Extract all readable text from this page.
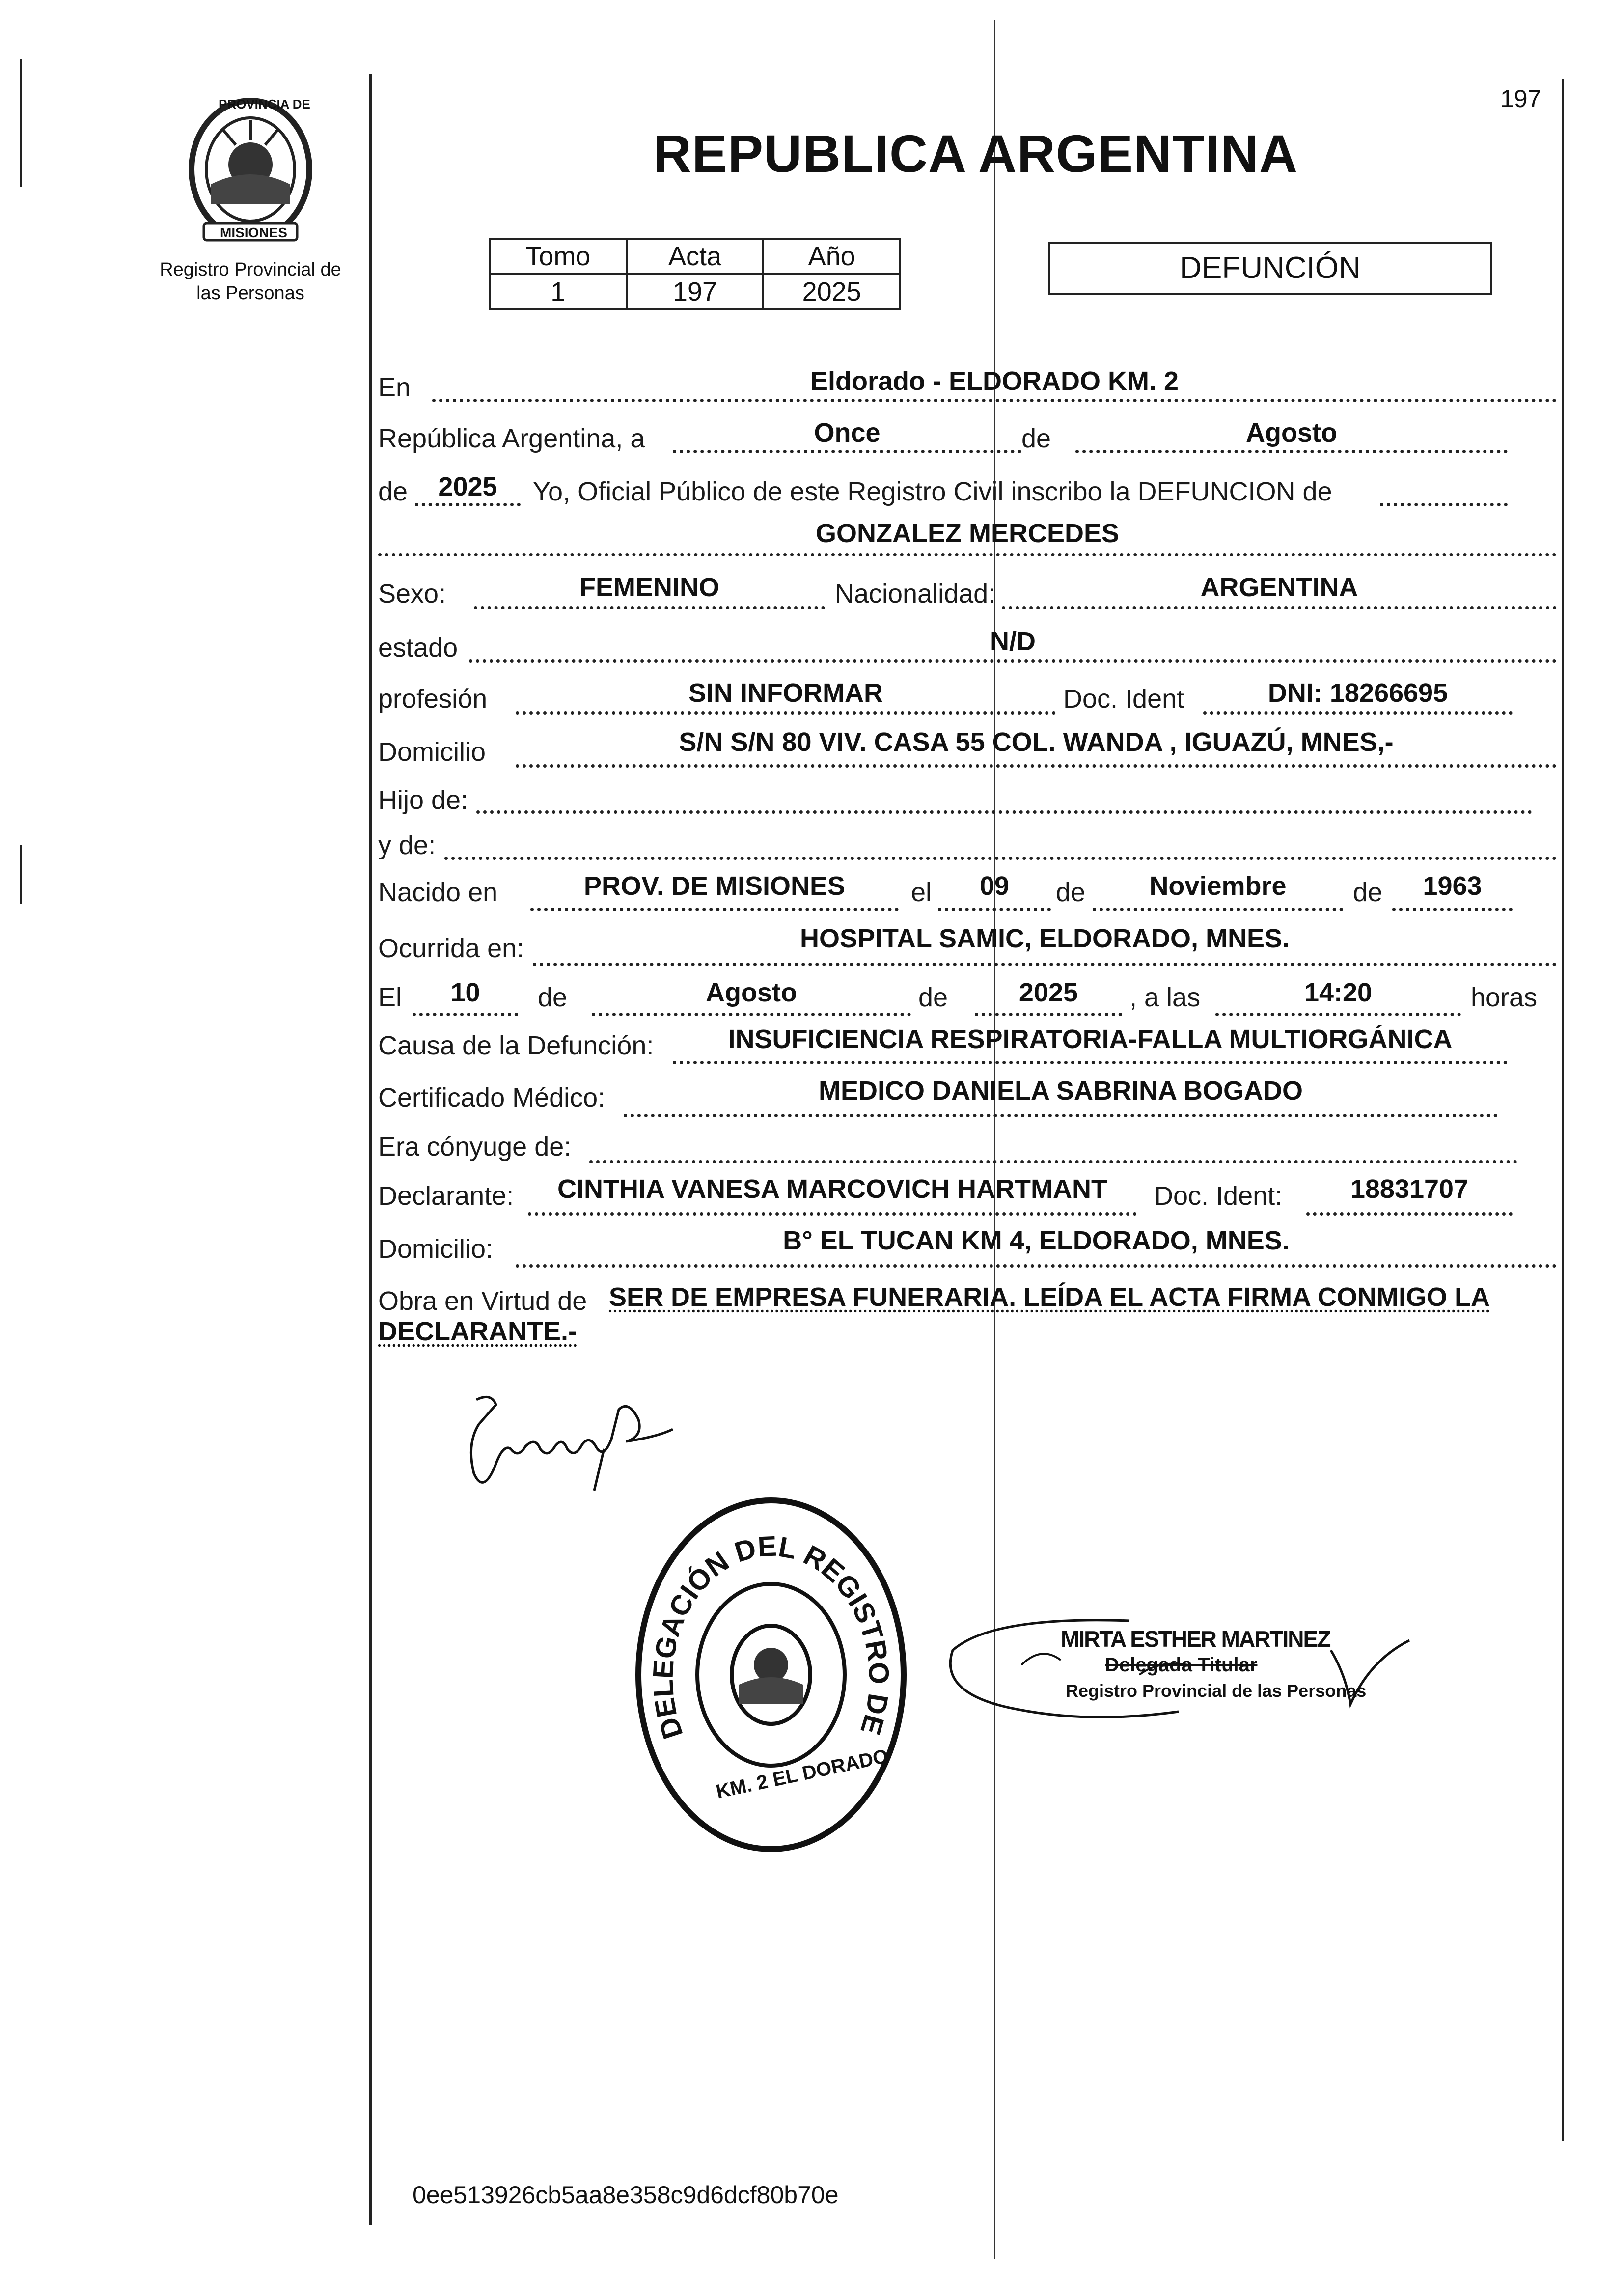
PROVINCIA DE
MISIONES
Registro Provincial de
las Personas
197
REPUBLICA ARGENTINA
Tomo	Acta	Año
1	197	2025
DEFUNCIÓN
En	Eldorado - ELDORADO KM. 2
República Argentina, a	Once	de	Agosto
de	2025	Yo, Oficial Público de este Registro Civil inscribo la DEFUNCION de
GONZALEZ MERCEDES
Sexo:	FEMENINO	Nacionalidad:	ARGENTINA
estado	N/D
profesión	SIN INFORMAR	Doc. Ident	DNI: 18266695
Domicilio	S/N S/N 80 VIV. CASA 55 COL. WANDA , IGUAZÚ, MNES,-
Hijo de:
y de:
Nacido en	PROV. DE MISIONES	el	09	de	Noviembre	de	1963
Ocurrida en:	HOSPITAL SAMIC, ELDORADO, MNES.
El	10	de	Agosto	de	2025	, a las	14:20	horas
Causa de la Defunción:	INSUFICIENCIA RESPIRATORIA-FALLA MULTIORGÁNICA
Certificado Médico:	MEDICO DANIELA SABRINA BOGADO
Era cónyuge de:
Declarante:	CINTHIA VANESA MARCOVICH HARTMANT	Doc. Ident:	18831707
Domicilio:	B° EL TUCAN KM 4, ELDORADO, MNES.
Obra en Virtud de SER DE EMPRESA FUNERARIA. LEÍDA EL ACTA FIRMA CONMIGO LA
DECLARANTE.-
DELEGACIÓN DEL REGISTRO DE
KM. 2 EL DORADO
MIRTA ESTHER MARTINEZ
Delegada Titular
Registro Provincial de las Personas
0ee513926cb5aa8e358c9d6dcf80b70e
